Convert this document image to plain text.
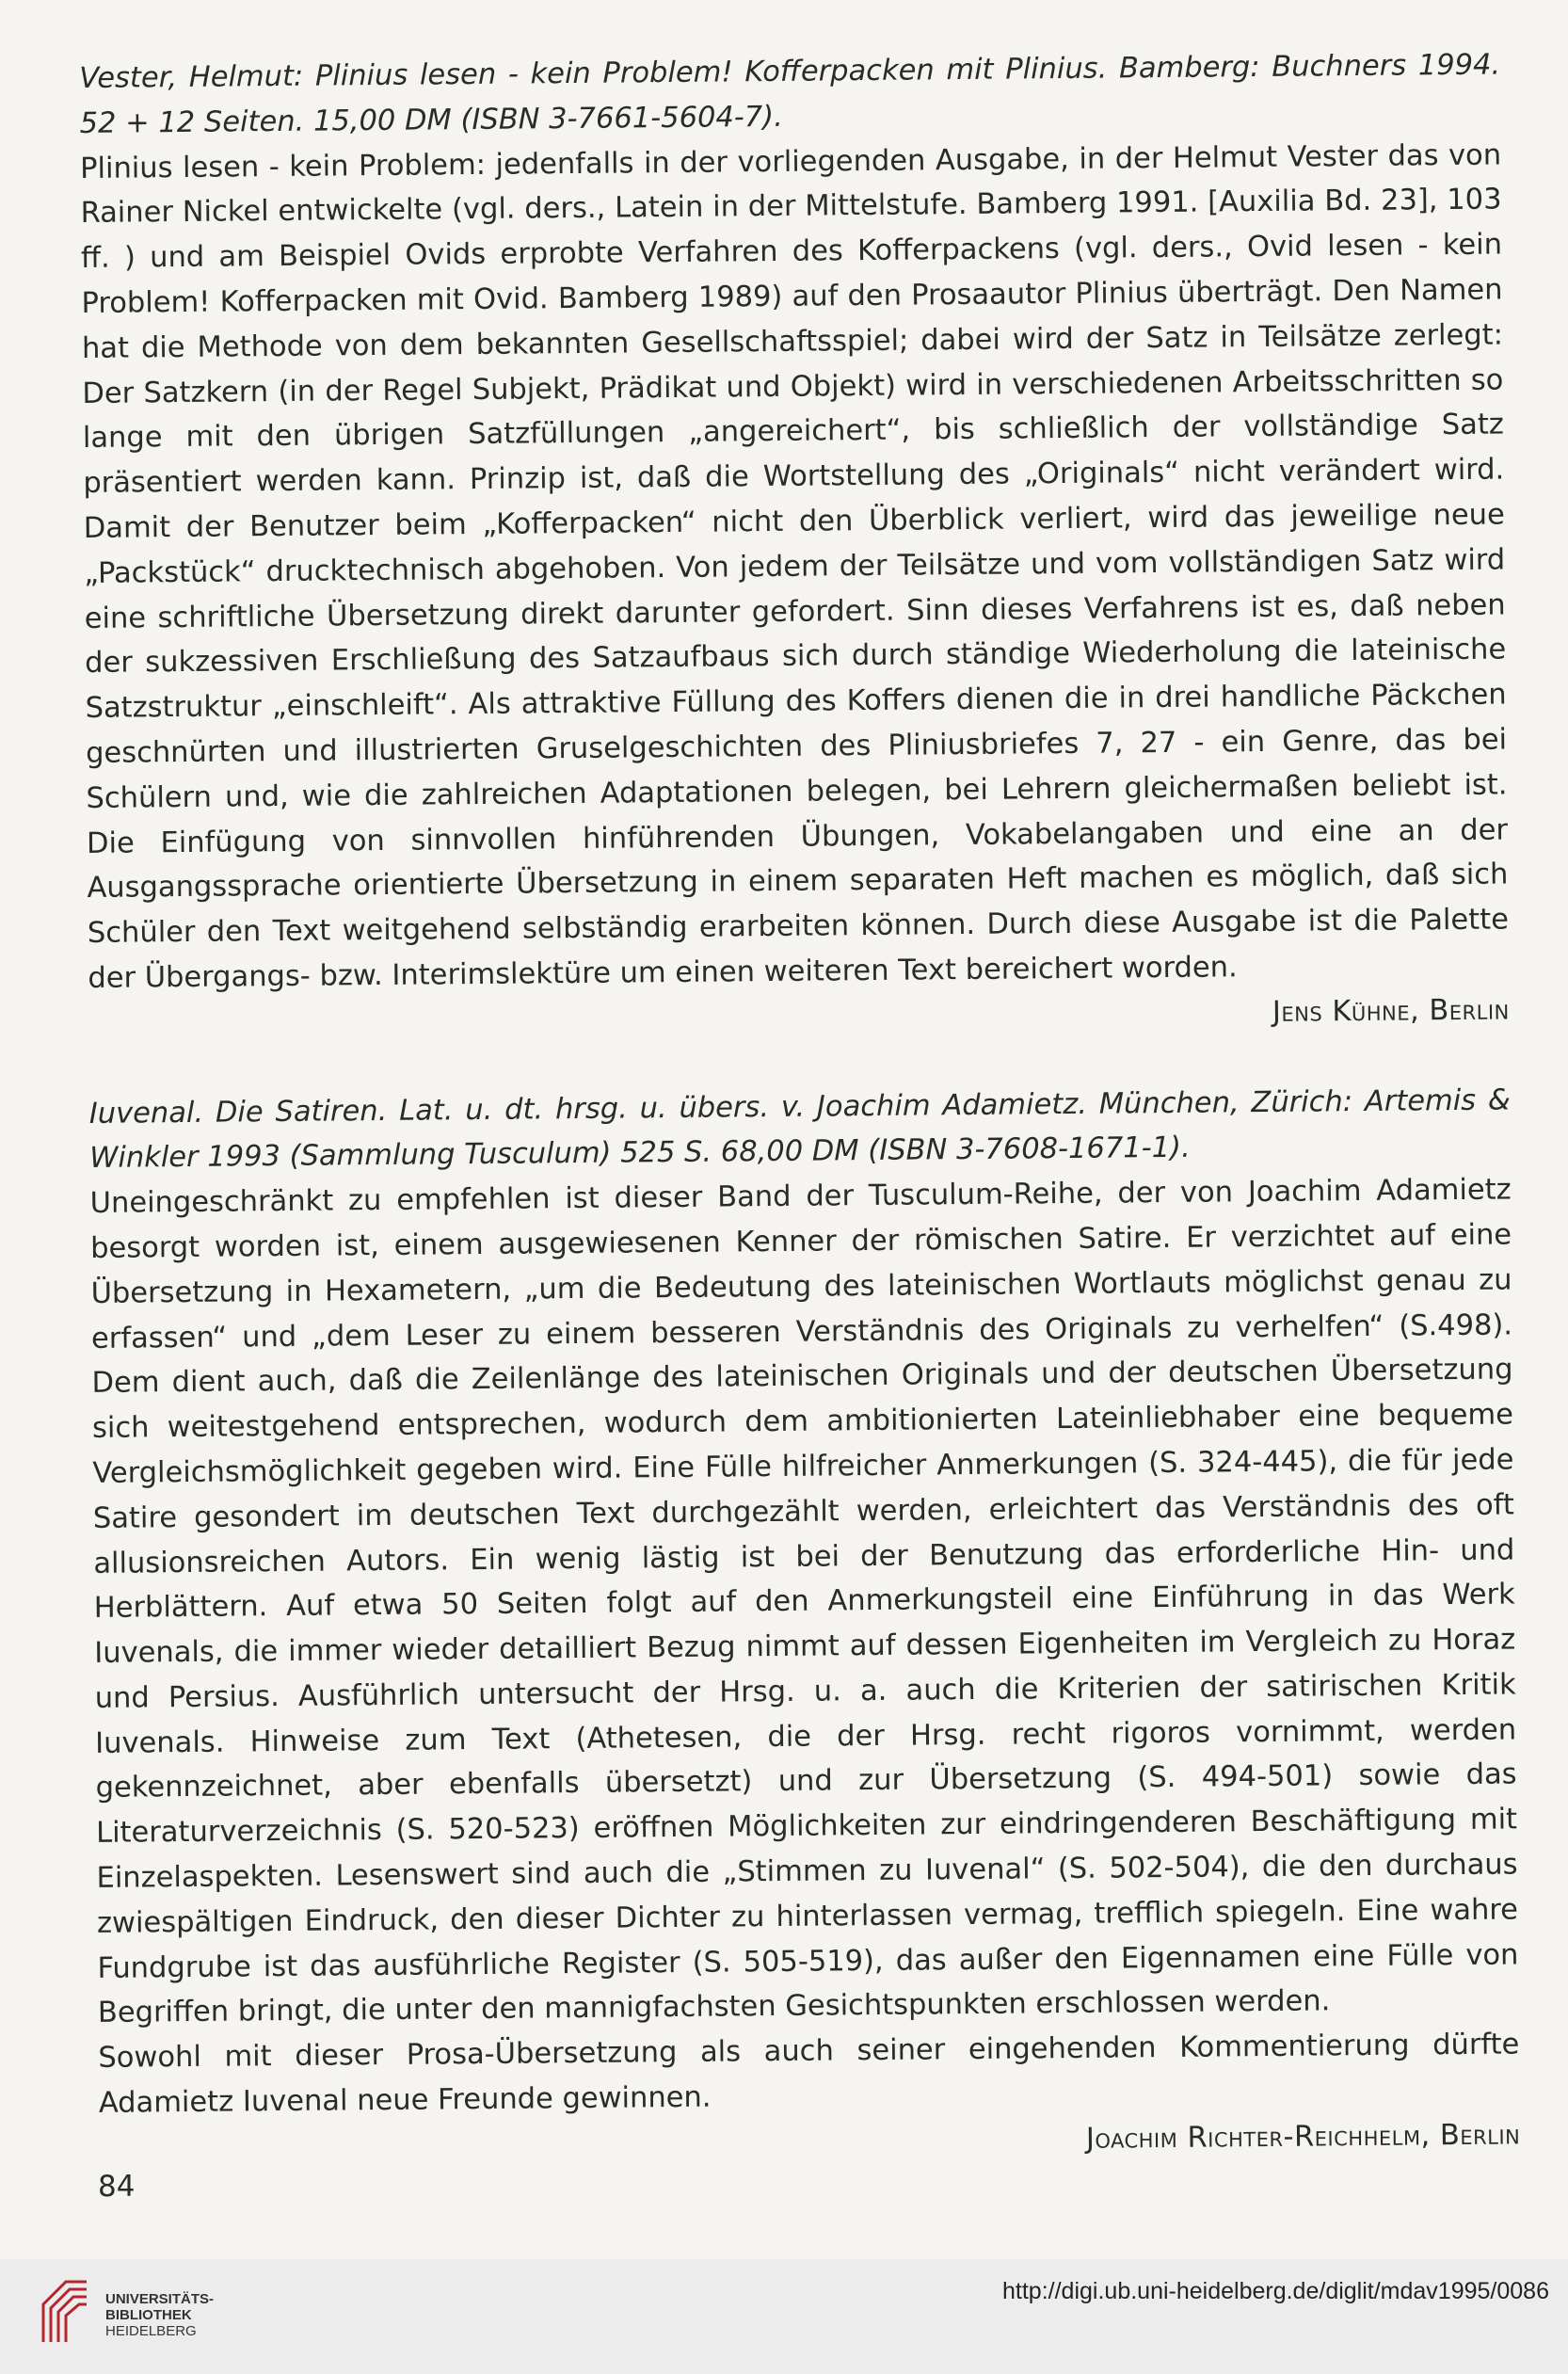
Vester, Helmut: Plinius lesen - kein Problem! Kofferpacken mit Plinius. Bamberg: Buchners 1994. 52 + 12 Seiten. 15,00 DM (ISBN 3-7661-5604-7).

Plinius lesen - kein Problem: jedenfalls in der vorliegenden Ausgabe, in der Helmut Vester das von Rainer Nickel entwickelte (vgl. ders., Latein in der Mittelstufe. Bamberg 1991. [Auxilia Bd. 23], 103 ff. ) und am Beispiel Ovids erprobte Verfahren des Kofferpackens (vgl. ders., Ovid lesen - kein Problem! Kofferpacken mit Ovid. Bamberg 1989) auf den Prosaautor Plinius überträgt. Den Namen hat die Methode von dem bekannten Gesellschaftsspiel; dabei wird der Satz in Teilsätze zerlegt: Der Satzkern (in der Regel Subjekt, Prädikat und Objekt) wird in verschiedenen Arbeitsschritten so lange mit den übrigen Satzfüllungen „angereichert“, bis schließlich der vollständige Satz präsentiert werden kann. Prinzip ist, daß die Wortstellung des „Originals“ nicht verändert wird. Damit der Benutzer beim „Kofferpacken“ nicht den Überblick verliert, wird das jeweilige neue „Packstück“ drucktechnisch abgehoben. Von jedem der Teilsätze und vom vollständigen Satz wird eine schriftliche Übersetzung direkt darunter gefordert. Sinn dieses Verfahrens ist es, daß neben der sukzessiven Erschließung des Satzaufbaus sich durch ständige Wiederholung die lateinische Satzstruktur „einschleift“. Als attraktive Füllung des Koffers dienen die in drei handliche Päckchen geschnürten und illustrierten Gruselgeschichten des Pliniusbriefes 7, 27 - ein Genre, das bei Schülern und, wie die zahlreichen Adaptationen belegen, bei Lehrern gleichermaßen beliebt ist. Die Einfügung von sinnvollen hinführenden Übungen, Vokabelangaben und eine an der Ausgangssprache orientierte Übersetzung in einem separaten Heft machen es möglich, daß sich Schüler den Text weitgehend selbständig erarbeiten können. Durch diese Ausgabe ist die Palette der Übergangs- bzw. Interimslektüre um einen weiteren Text bereichert worden.

Jens Kühne, Berlin

Iuvenal. Die Satiren. Lat. u. dt. hrsg. u. übers. v. Joachim Adamietz. München, Zürich: Artemis & Winkler 1993 (Sammlung Tusculum) 525 S. 68,00 DM (ISBN 3-7608-1671-1).

Uneingeschränkt zu empfehlen ist dieser Band der Tusculum-Reihe, der von Joachim Adamietz besorgt worden ist, einem ausgewiesenen Kenner der römischen Satire. Er verzichtet auf eine Übersetzung in Hexametern, „um die Bedeutung des lateinischen Wortlauts möglichst genau zu erfassen“ und „dem Leser zu einem besseren Verständnis des Originals zu verhelfen“ (S.498). Dem dient auch, daß die Zeilenlänge des lateinischen Originals und der deutschen Übersetzung sich weitestgehend entsprechen, wodurch dem ambitionierten Lateinliebhaber eine bequeme Vergleichsmöglichkeit gegeben wird. Eine Fülle hilfreicher Anmerkungen (S. 324-445), die für jede Satire gesondert im deutschen Text durchgezählt werden, erleichtert das Verständnis des oft allusionsreichen Autors. Ein wenig lästig ist bei der Benutzung das erforderliche Hin- und Herblättern. Auf etwa 50 Seiten folgt auf den Anmerkungsteil eine Einführung in das Werk Iuvenals, die immer wieder detailliert Bezug nimmt auf dessen Eigenheiten im Vergleich zu Horaz und Persius. Ausführlich untersucht der Hrsg. u. a. auch die Kriterien der satirischen Kritik Iuvenals. Hinweise zum Text (Athetesen, die der Hrsg. recht rigoros vornimmt, werden gekennzeichnet, aber ebenfalls übersetzt) und zur Übersetzung (S. 494-501) sowie das Literaturverzeichnis (S. 520-523) eröffnen Möglichkeiten zur eindringenderen Beschäftigung mit Einzelaspekten. Lesenswert sind auch die „Stimmen zu Iuvenal“ (S. 502-504), die den durchaus zwiespältigen Eindruck, den dieser Dichter zu hinterlassen vermag, trefflich spiegeln. Eine wahre Fundgrube ist das ausführliche Register (S. 505-519), das außer den Eigennamen eine Fülle von Begriffen bringt, die unter den mannigfachsten Gesichtspunkten erschlossen werden.

Sowohl mit dieser Prosa-Übersetzung als auch seiner eingehenden Kommentierung dürfte Adamietz Iuvenal neue Freunde gewinnen.

Joachim Richter-Reichhelm, Berlin

84
UNIVERSITÄTS-
BIBLIOTHEK
HEIDELBERG
http://digi.ub.uni-heidelberg.de/diglit/mdav1995/0086
